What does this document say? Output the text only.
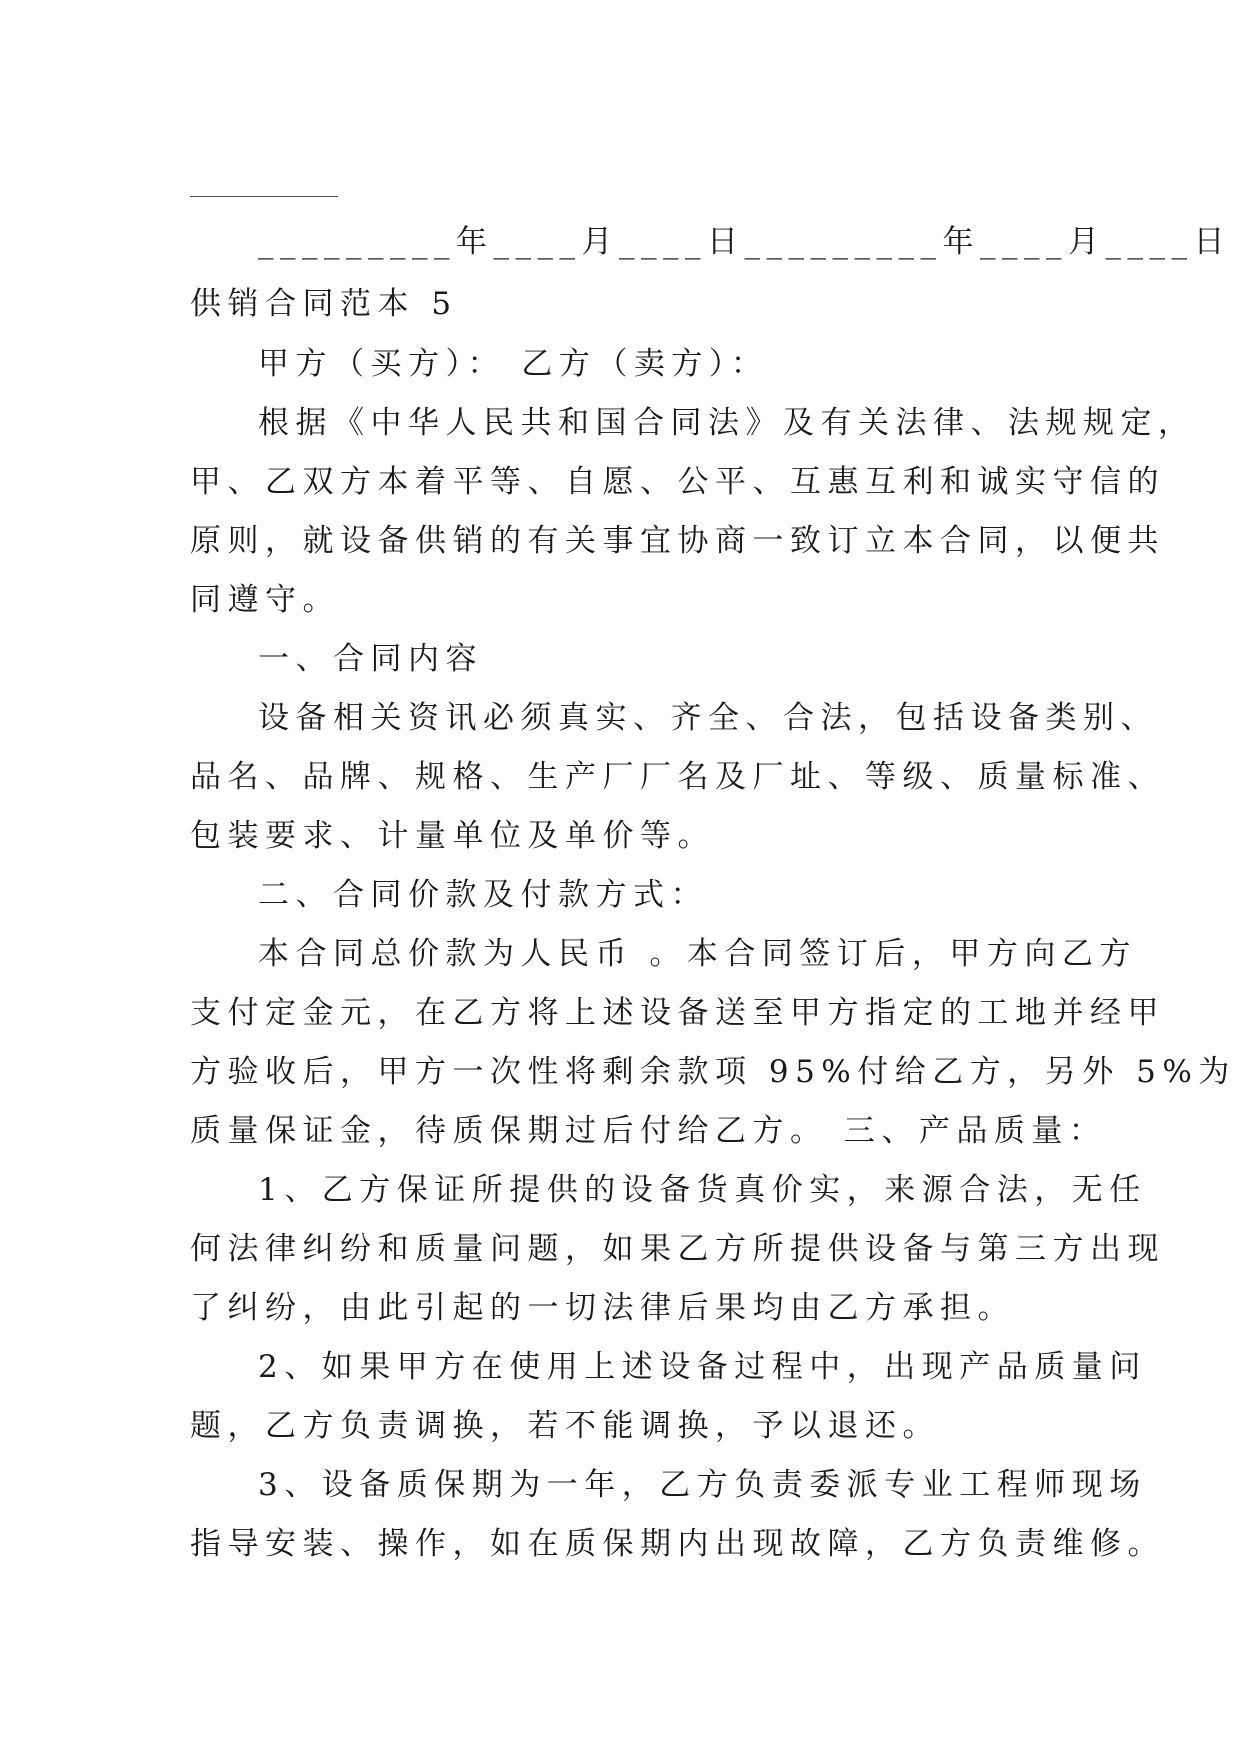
_________年____月____日_________年____月____日
供销合同范本 5
甲方（买方）： 乙方（卖方）：
根据《中华人民共和国合同法》及有关法律、法规规定，
甲、乙双方本着平等、自愿、公平、互惠互利和诚实守信的
原则，就设备供销的有关事宜协商一致订立本合同，以便共
同遵守。
一、合同内容
设备相关资讯必须真实、齐全、合法，包括设备类别、
品名、品牌、规格、生产厂厂名及厂址、等级、质量标准、
包装要求、计量单位及单价等。
二、合同价款及付款方式：
本合同总价款为人民币 。本合同签订后，甲方向乙方
支付定金元，在乙方将上述设备送至甲方指定的工地并经甲
方验收后，甲方一次性将剩余款项 95%付给乙方，另外 5%为
质量保证金，待质保期过后付给乙方。 三、产品质量：
1、乙方保证所提供的设备货真价实，来源合法，无任
何法律纠纷和质量问题，如果乙方所提供设备与第三方出现
了纠纷，由此引起的一切法律后果均由乙方承担。
2、如果甲方在使用上述设备过程中，出现产品质量问
题，乙方负责调换，若不能调换，予以退还。
3、设备质保期为一年，乙方负责委派专业工程师现场
指导安装、操作，如在质保期内出现故障，乙方负责维修。
